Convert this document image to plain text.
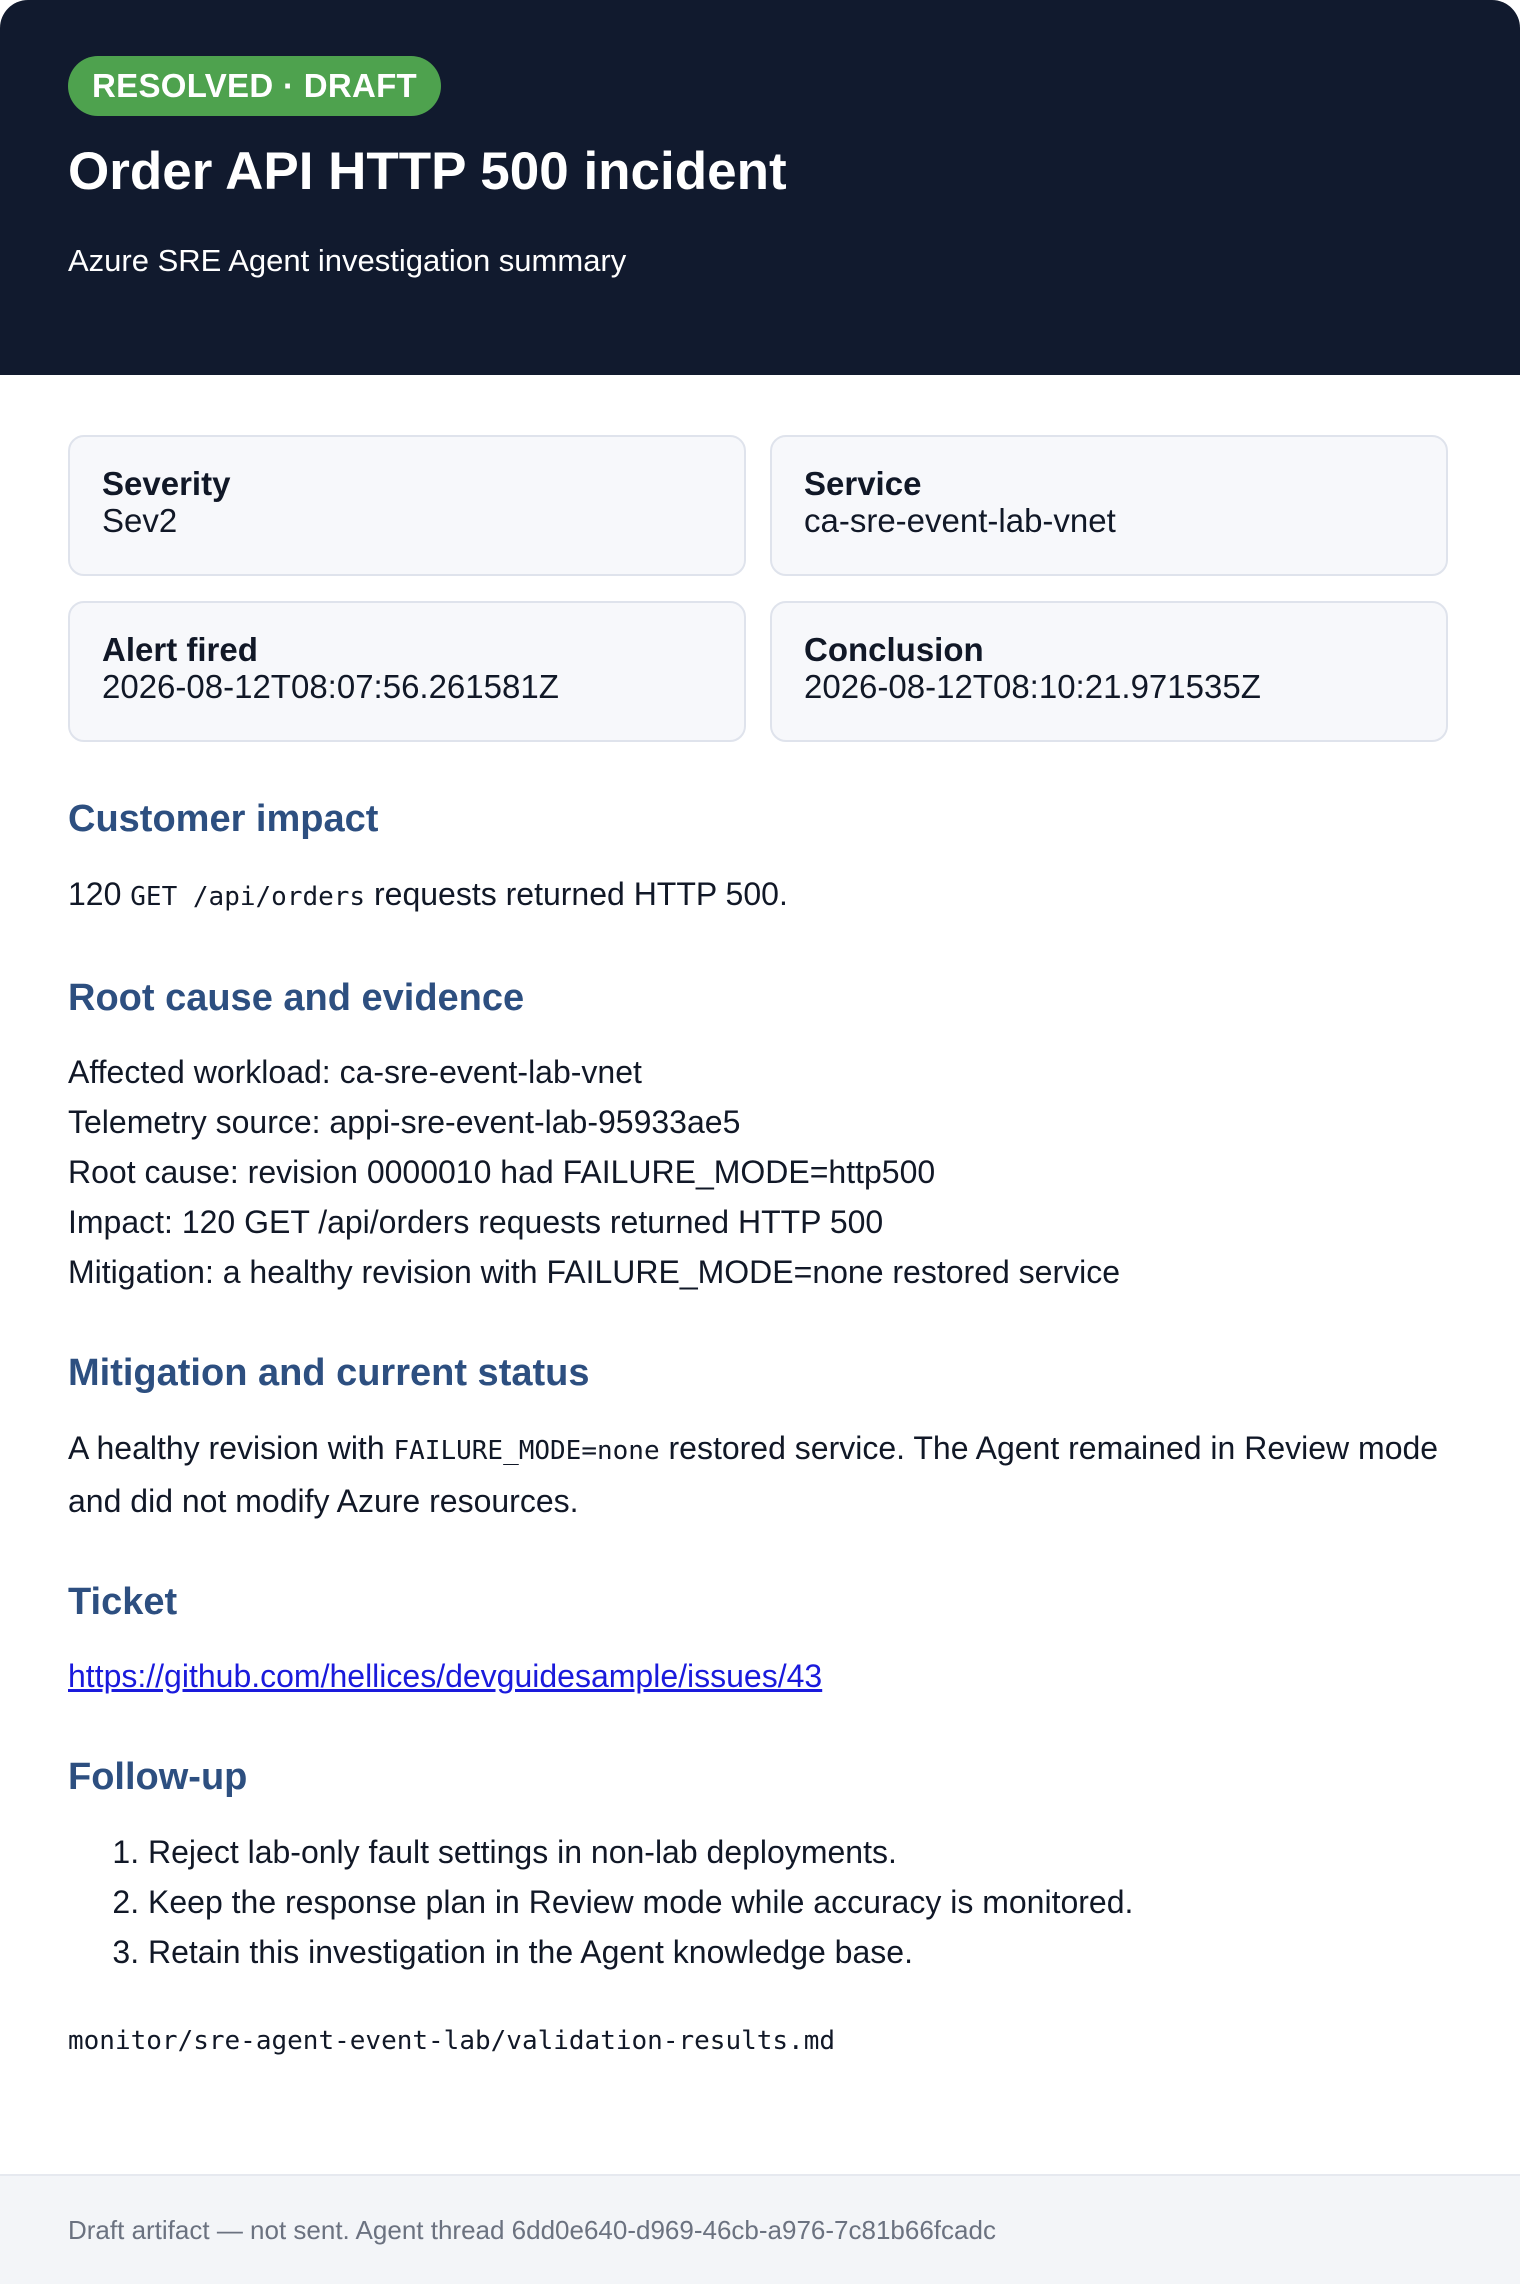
RESOLVED · DRAFT
Order API HTTP 500 incident
Azure SRE Agent investigation summary
Severity
Sev2
Service
ca-sre-event-lab-vnet
Alert fired
2026-08-12T08:07:56.261581Z
Conclusion
2026-08-12T08:10:21.971535Z
Customer impact

120 GET /api/orders requests returned HTTP 500.

Root cause and evidence
Affected workload: ca-sre-event-lab-vnet
Telemetry source: appi-sre-event-lab-95933ae5
Root cause: revision 0000010 had FAILURE_MODE=http500
Impact: 120 GET /api/orders requests returned HTTP 500
Mitigation: a healthy revision with FAILURE_MODE=none restored service
Mitigation and current status

A healthy revision with FAILURE_MODE=none restored service. The Agent remained in Review mode and did not modify Azure resources.

Ticket

https://github.com/hellices/devguidesample/issues/43

Follow-up
1. Reject lab-only fault settings in non-lab deployments.
2. Keep the response plan in Review mode while accuracy is monitored.
3. Retain this investigation in the Agent knowledge base.
monitor/sre-agent-event-lab/validation-results.md
Draft artifact — not sent. Agent thread 6dd0e640-d969-46cb-a976-7c81b66fcadc
